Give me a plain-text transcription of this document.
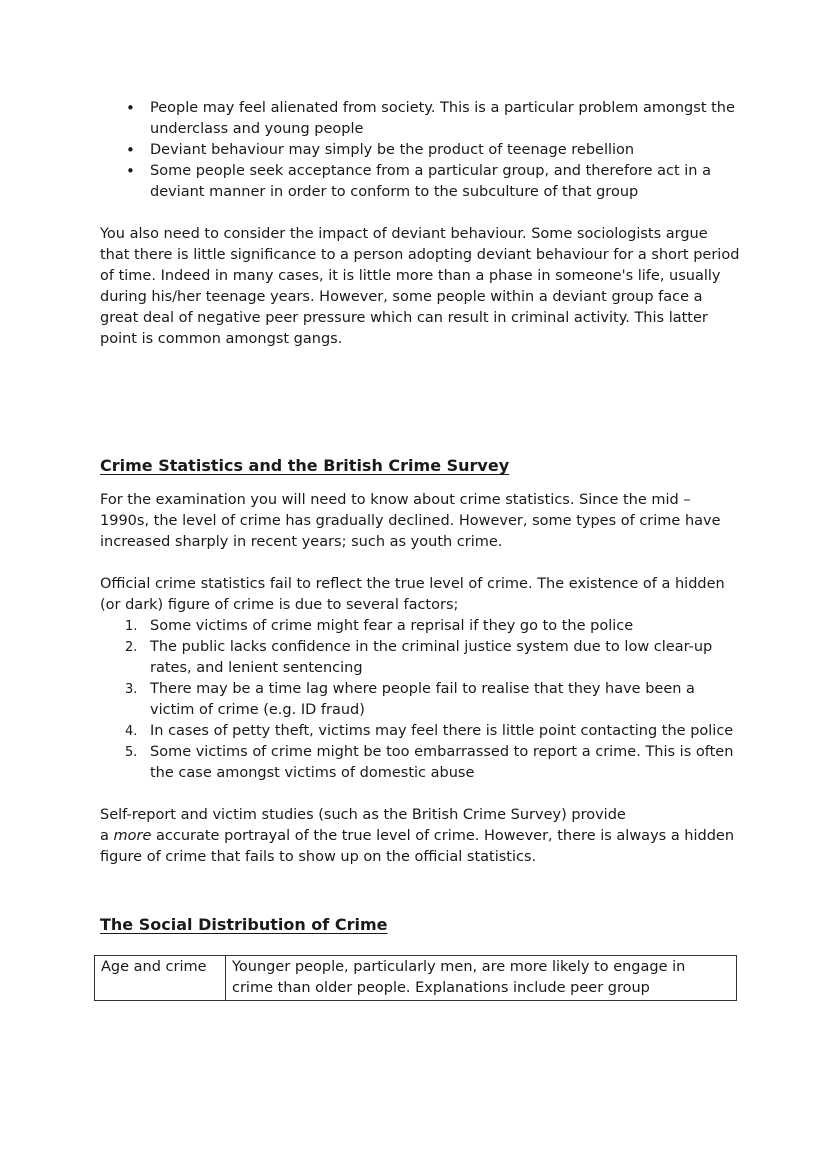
• People may feel alienated from society. This is a particular problem amongst the underclass and young people
• Deviant behaviour may simply be the product of teenage rebellion
• Some people seek acceptance from a particular group, and therefore act in a deviant manner in order to conform to the subculture of that group

You also need to consider the impact of deviant behaviour. Some sociologists argue that there is little significance to a person adopting deviant behaviour for a short period of time. Indeed in many cases, it is little more than a phase in someone's life, usually during his/her teenage years. However, some people within a deviant group face a great deal of negative peer pressure which can result in criminal activity. This latter point is common amongst gangs.

Crime Statistics and the British Crime Survey

For the examination you will need to know about crime statistics. Since the mid – 1990s, the level of crime has gradually declined. However, some types of crime have increased sharply in recent years; such as youth crime.

Official crime statistics fail to reflect the true level of crime. The existence of a hidden (or dark) figure of crime is due to several factors;

1. Some victims of crime might fear a reprisal if they go to the police
2. The public lacks confidence in the criminal justice system due to low clear-up rates, and lenient sentencing
3. There may be a time lag where people fail to realise that they have been a victim of crime (e.g. ID fraud)
4. In cases of petty theft, victims may feel there is little point contacting the police
5. Some victims of crime might be too embarrassed to report a crime. This is often the case amongst victims of domestic abuse

Self-report and victim studies (such as the British Crime Survey) provide
a more accurate portrayal of the true level of crime. However, there is always a hidden figure of crime that fails to show up on the official statistics.

The Social Distribution of Crime
Age and crime	Younger people, particularly men, are more likely to engage in crime than older people. Explanations include peer group
